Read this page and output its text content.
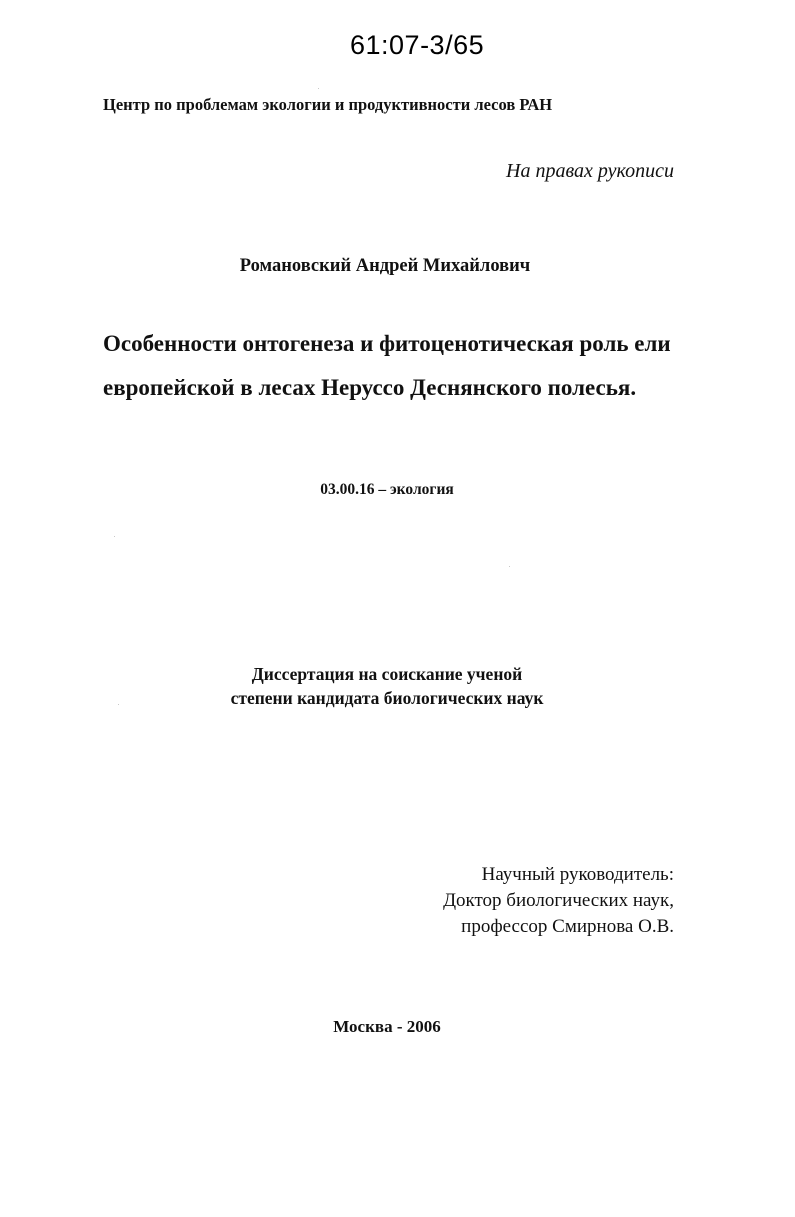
61:07-3/65

Центр по проблемам экологии и продуктивности лесов РАН

На правах рукописи

Романовский Андрей Михайлович

Особенности онтогенеза и фитоценотическая роль ели
европейской в лесах Неруссо Деснянского полесья.

03.00.16 – экология

Диссертация на соискание ученой
степени кандидата биологических наук
Научный руководитель:
Доктор биологических наук,
профессор Смирнова О.В.

Москва - 2006
